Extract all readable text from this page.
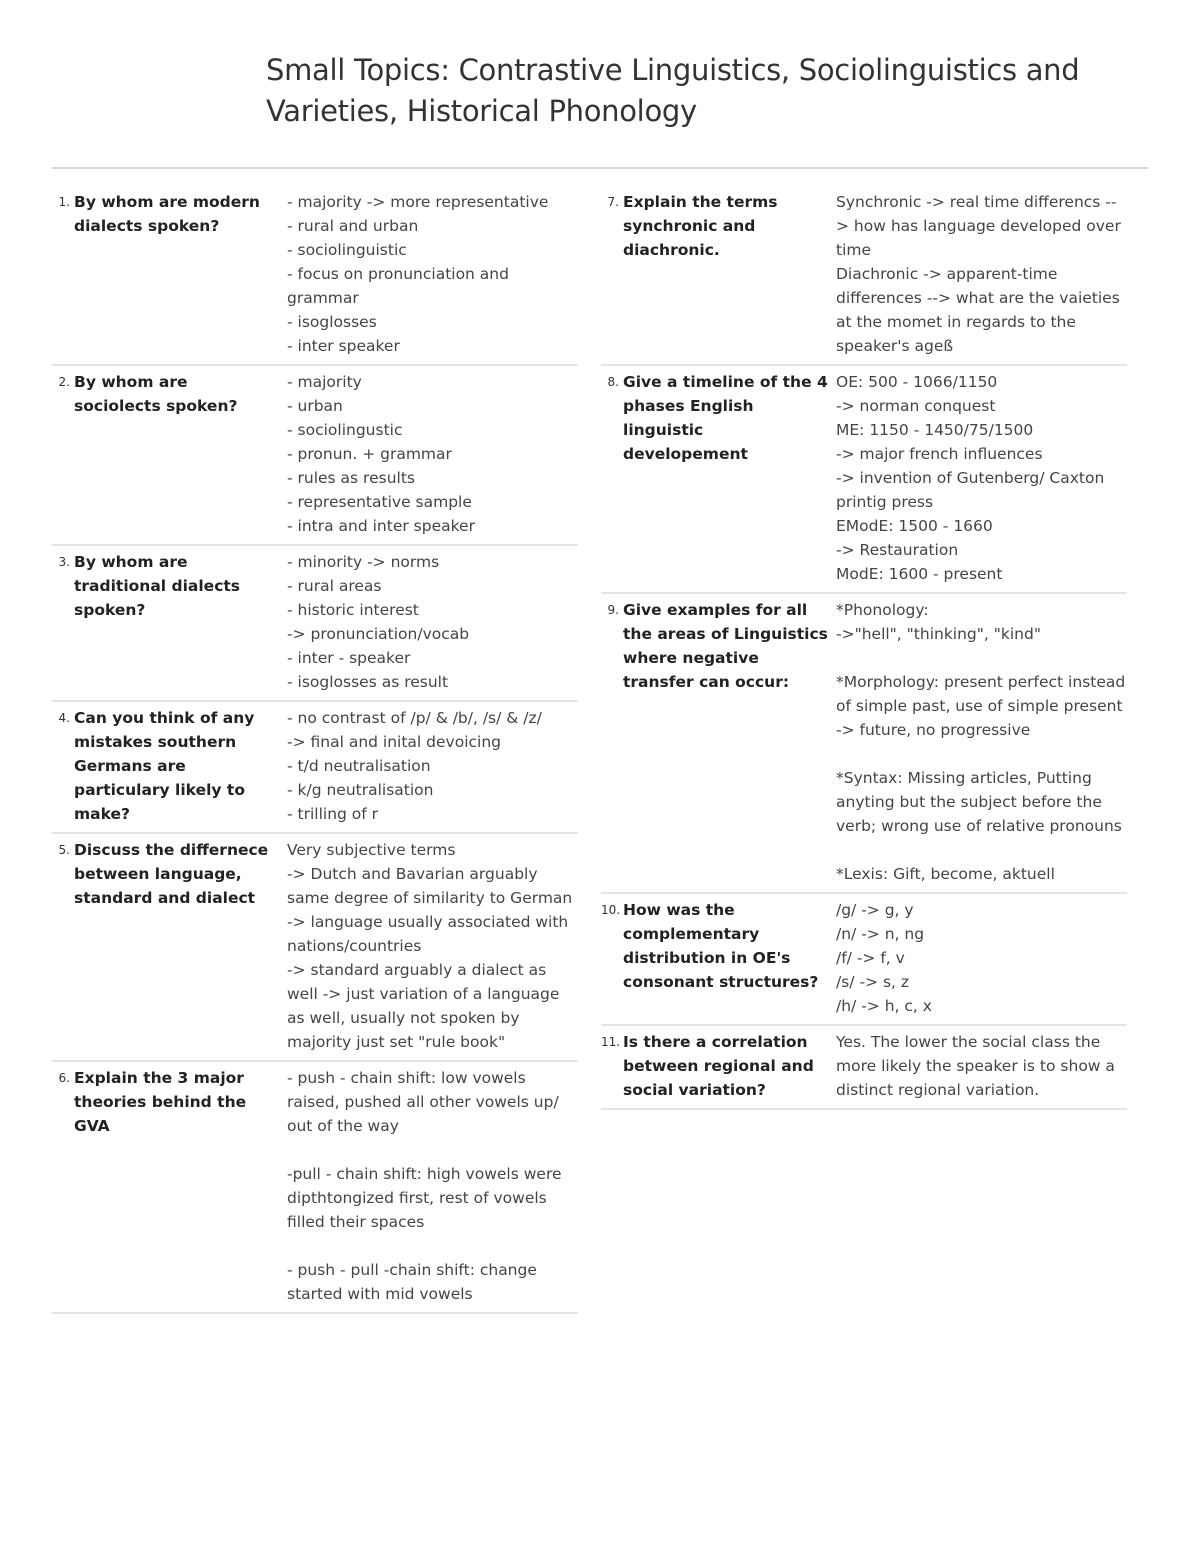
Small Topics: Contrastive Linguistics, Sociolinguistics and Varieties, Historical Phonology
1. By whom are modern dialects spoken?
- majority -> more representative
- rural and urban
- sociolinguistic
- focus on pronunciation and grammar
- isoglosses
- inter speaker
2. By whom are sociolects spoken?
- majority
- urban
- sociolingustic
- pronun. + grammar
- rules as results
- representative sample
- intra and inter speaker
3. By whom are traditional dialects spoken?
- minority -> norms
- rural areas
- historic interest
-> pronunciation/vocab
- inter - speaker
- isoglosses as result
4. Can you think of any mistakes southern Germans are particulary likely to make?
- no contrast of /p/ & /b/, /s/ & /z/
-> final and inital devoicing
- t/d neutralisation
- k/g neutralisation
- trilling of r
5. Discuss the differnece between language, standard and dialect
Very subjective terms
-> Dutch and Bavarian arguably same degree of similarity to German
-> language usually associated with nations/countries
-> standard arguably a dialect as well -> just variation of a language as well, usually not spoken by majority just set "rule book"
6. Explain the 3 major theories behind the GVA
- push - chain shift: low vowels raised, pushed all other vowels up/ out of the way

-pull - chain shift: high vowels were dipthtongized first, rest of vowels filled their spaces

- push - pull -chain shift: change started with mid vowels
7. Explain the terms synchronic and diachronic.
Synchronic -> real time differencs --> how has language developed over time
Diachronic -> apparent-time differences --> what are the vaieties at the momet in regards to the speaker's ageß
8. Give a timeline of the 4 phases English linguistic developement
OE: 500 - 1066/1150
-> norman conquest
ME: 1150 - 1450/75/1500
-> major french influences
-> invention of Gutenberg/ Caxton printig press
EModE: 1500 - 1660
-> Restauration
ModE: 1600 - present
9. Give examples for all the areas of Linguistics where negative transfer can occur:
*Phonology:
->"hell", "thinking", "kind"

*Morphology: present perfect instead of simple past, use of simple present -> future, no progressive

*Syntax: Missing articles, Putting anyting but the subject before the verb; wrong use of relative pronouns

*Lexis: Gift, become, aktuell
10. How was the complementary distribution in OE's consonant structures?
/g/ -> g, y
/n/ -> n, ng
/f/ -> f, v
/s/ -> s, z
/h/ -> h, c, x
11. Is there a correlation between regional and social variation?
Yes. The lower the social class the more likely the speaker is to show a distinct regional variation.
